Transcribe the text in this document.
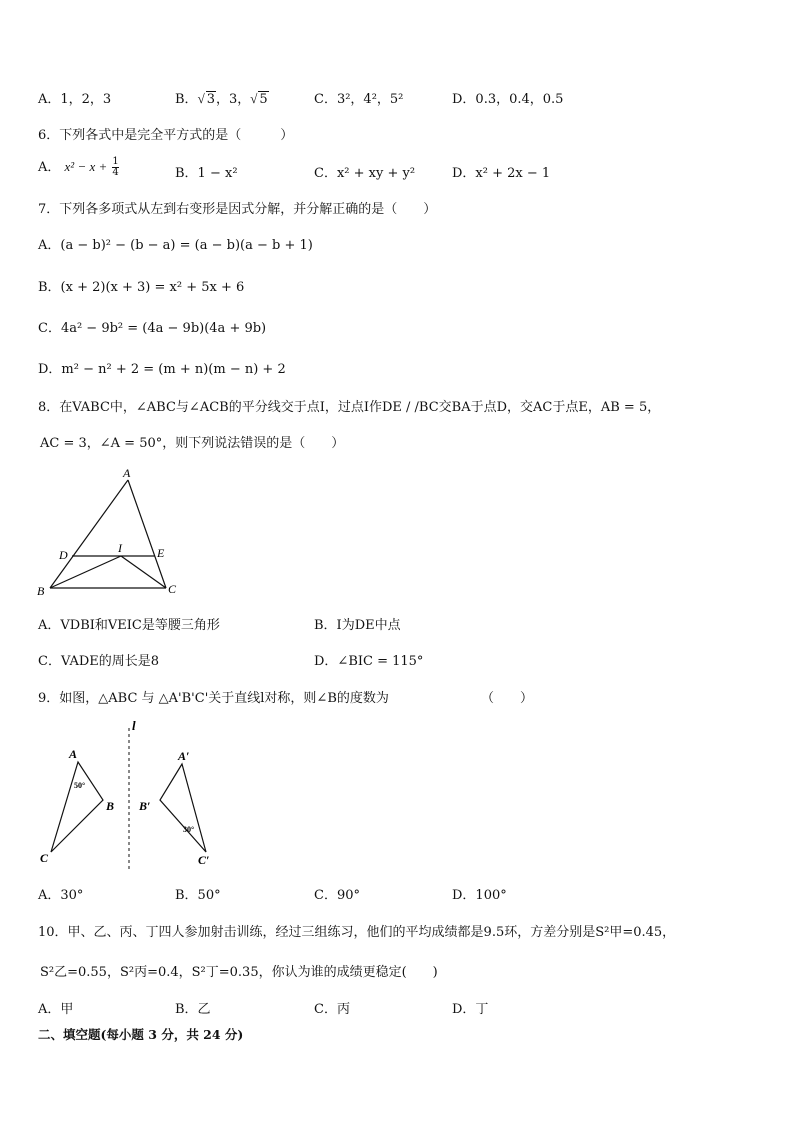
A．1，2，3	B．√ 3，3，√ 5	C．3²，4²，5²	D．0.3，0.4，0.5
6．下列各式中是完全平方式的是（　　　）
A． $x^2 - x + \frac{1}{4}$	B．1 − x²	C．x² + xy + y²	D．x² + 2x − 1
7．下列各多项式从左到右变形是因式分解，并分解正确的是（　　）
A．(a − b)² − (b − a) = (a − b)(a − b + 1)
B．(x + 2)(x + 3) = x² + 5x + 6
C．4a² − 9b² = (4a − 9b)(4a + 9b)
D．m² − n² + 2 = (m + n)(m − n) + 2
8．在VABC中，∠ABC与∠ACB的平分线交于点I，过点I作DE / /BC交BA于点D，交AC于点E，AB = 5，
AC = 3，∠A = 50°，则下列说法错误的是（　　）
A
D	I	E
B	C
A．VDBI和VEIC是等腰三角形	B．I为DE中点
C．VADE的周长是8	D．∠BIC = 115°
9．如图，△ABC 与 △A'B'C'关于直线l对称，则∠B的度数为	（　　）
l
A
B
C
50°
A′
B′
C′
30°
A．30°	B．50°	C．90°	D．100°
10．甲、乙、丙、丁四人参加射击训练，经过三组练习，他们的平均成绩都是9.5环，方差分别是S²甲=0.45，
S²乙=0.55，S²丙=0.4，S²丁=0.35，你认为谁的成绩更稳定(　　)
A．甲	B．乙	C．丙	D．丁
二、填空题(每小题 3 分，共 24 分)
